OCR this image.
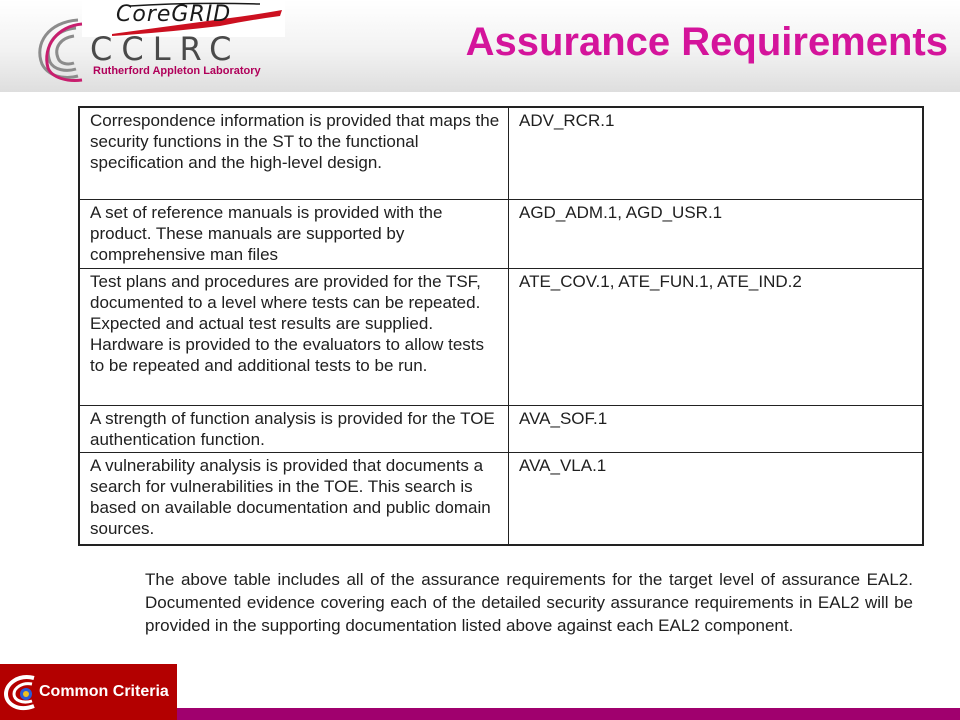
CoreGRID
CCLRC
Rutherford Appleton Laboratory
Assurance Requirements
Correspondence information is provided that maps the security functions in the ST to the functional specification and the high-level design.	ADV_RCR.1
A set of reference manuals is provided with the product. These manuals are supported by comprehensive man files	AGD_ADM.1, AGD_USR.1
Test plans and procedures are provided for the TSF, documented to a level where tests can be repeated. Expected and actual test results are supplied. Hardware is provided to the evaluators to allow tests to be repeated and additional tests to be run.	ATE_COV.1, ATE_FUN.1, ATE_IND.2
A strength of function analysis is provided for the TOE authentication function.	AVA_SOF.1
A vulnerability analysis is provided that documents a search for vulnerabilities in the TOE. This search is based on available documentation and public domain sources.	AVA_VLA.1

The above table includes all of the assurance requirements for the target level of assurance EAL2. Documented evidence covering each of the detailed security assurance requirements in EAL2 will be provided in the supporting documentation listed above against each EAL2 component.

Common Criteria
